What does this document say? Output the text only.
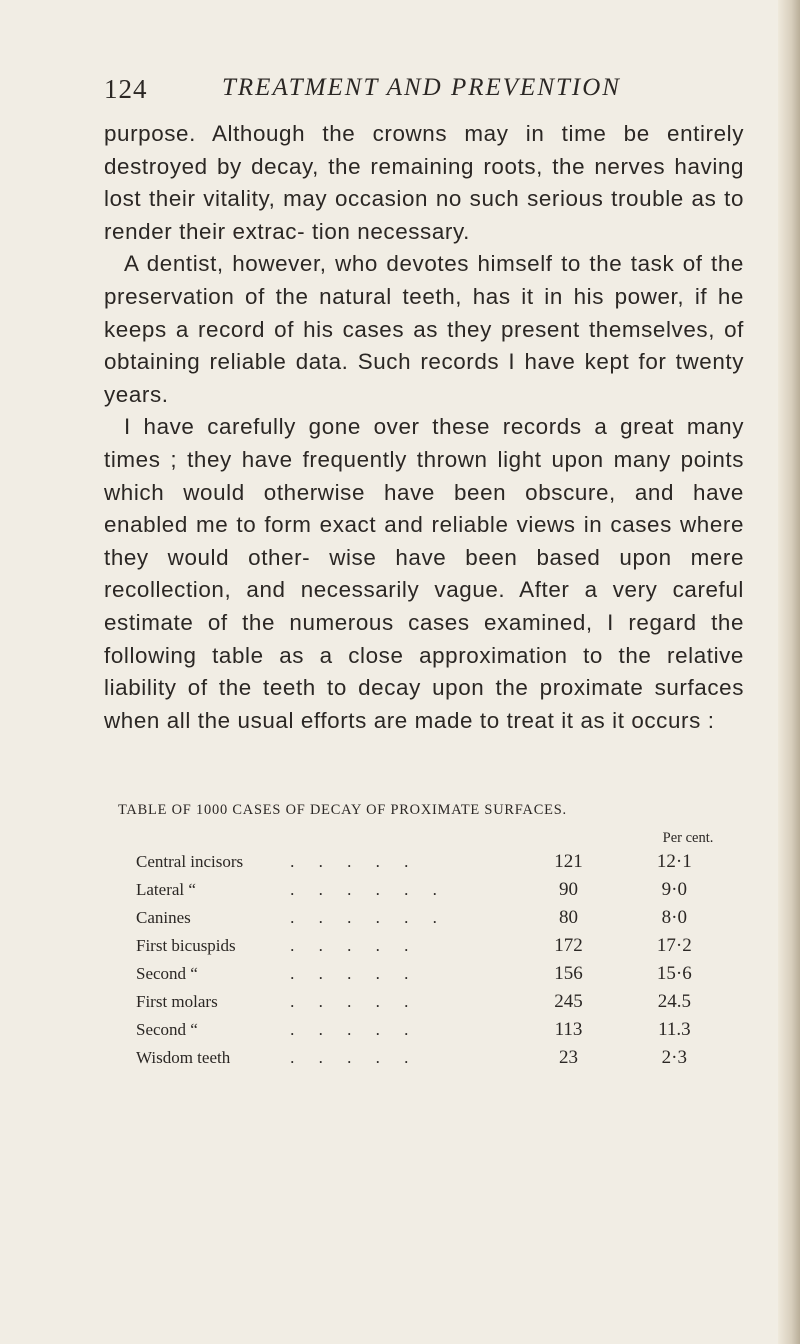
124	TREATMENT AND PREVENTION

purpose. Although the crowns may in time be entirely destroyed by decay, the remaining roots, the nerves having lost their vitality, may occasion no such serious trouble as to render their extrac- tion necessary.

A dentist, however, who devotes himself to the task of the preservation of the natural teeth, has it in his power, if he keeps a record of his cases as they present themselves, of obtaining reliable data. Such records I have kept for twenty years.

I have carefully gone over these records a great many times ; they have frequently thrown light upon many points which would otherwise have been obscure, and have enabled me to form exact and reliable views in cases where they would other- wise have been based upon mere recollection, and necessarily vague. After a very careful estimate of the numerous cases examined, I regard the following table as a close approximation to the relative liability of the teeth to decay upon the proximate surfaces when all the usual efforts are made to treat it as it occurs :

TABLE OF 1000 CASES OF DECAY OF PROXIMATE SURFACES.
Per cent.
Central incisors	. . . . .	121	12·1
Lateral “	. . . . . .	90	9·0
Canines	. . . . . .	80	8·0
First bicuspids	. . . . .	172	17·2
Second “	. . . . .	156	15·6
First molars	. . . . .	245	24.5
Second “	. . . . .	113	11.3
Wisdom teeth	. . . . .	23	2·3
